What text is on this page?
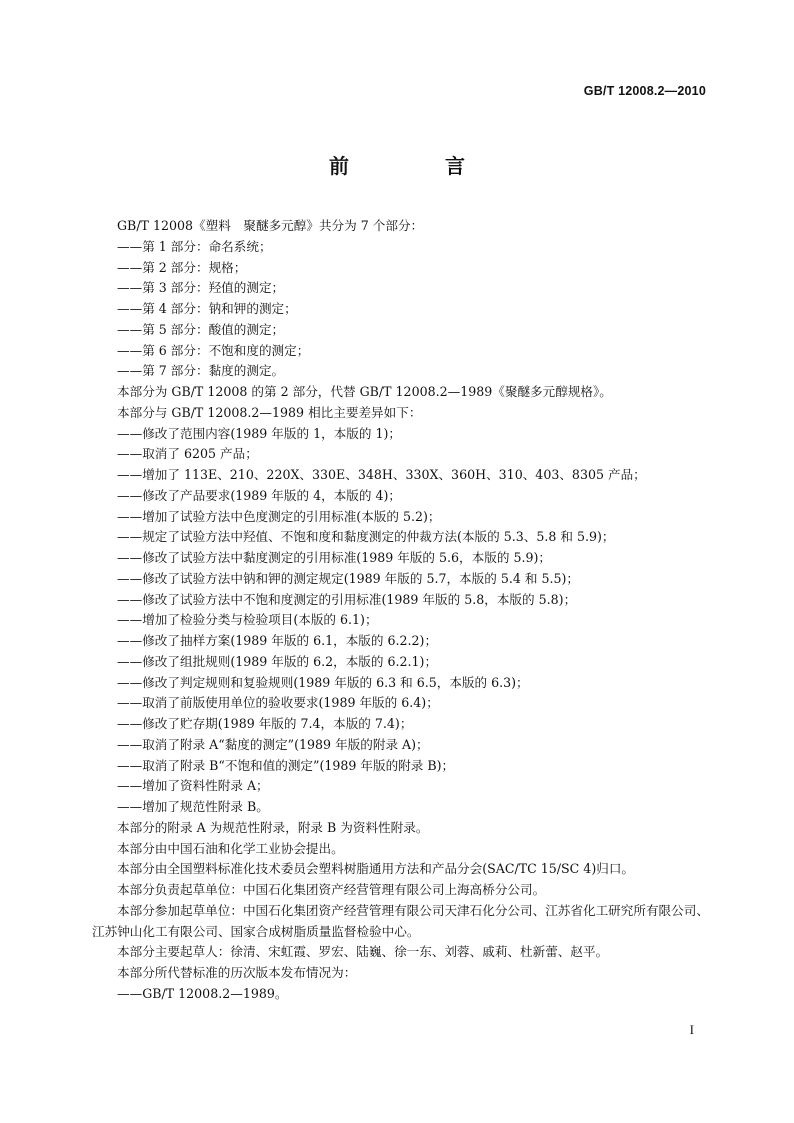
GB/T 12008.2—2010
前　言

GB/T 12008《塑料　聚醚多元醇》共分为 7 个部分：

——第 1 部分：命名系统；

——第 2 部分：规格；

——第 3 部分：羟值的测定；

——第 4 部分：钠和钾的测定；

——第 5 部分：酸值的测定；

——第 6 部分：不饱和度的测定；

——第 7 部分：黏度的测定。

本部分为 GB/T 12008 的第 2 部分，代替 GB/T 12008.2—1989《聚醚多元醇规格》。

本部分与 GB/T 12008.2—1989 相比主要差异如下：

——修改了范围内容(1989 年版的 1，本版的 1)；

——取消了 6205 产品；

——增加了 113E、210、220X、330E、348H、330X、360H、310、403、8305 产品；

——修改了产品要求(1989 年版的 4，本版的 4)；

——增加了试验方法中色度测定的引用标准(本版的 5.2)；

——规定了试验方法中羟值、不饱和度和黏度测定的仲裁方法(本版的 5.3、5.8 和 5.9)；

——修改了试验方法中黏度测定的引用标准(1989 年版的 5.6，本版的 5.9)；

——修改了试验方法中钠和钾的测定规定(1989 年版的 5.7，本版的 5.4 和 5.5)；

——修改了试验方法中不饱和度测定的引用标准(1989 年版的 5.8，本版的 5.8)；

——增加了检验分类与检验项目(本版的 6.1)；

——修改了抽样方案(1989 年版的 6.1，本版的 6.2.2)；

——修改了组批规则(1989 年版的 6.2，本版的 6.2.1)；

——修改了判定规则和复验规则(1989 年版的 6.3 和 6.5，本版的 6.3)；

——取消了前版使用单位的验收要求(1989 年版的 6.4)；

——修改了贮存期(1989 年版的 7.4，本版的 7.4)；

——取消了附录 A“黏度的测定”(1989 年版的附录 A)；

——取消了附录 B“不饱和值的测定”(1989 年版的附录 B)；

——增加了资料性附录 A；

——增加了规范性附录 B。

本部分的附录 A 为规范性附录，附录 B 为资料性附录。

本部分由中国石油和化学工业协会提出。

本部分由全国塑料标准化技术委员会塑料树脂通用方法和产品分会(SAC/TC 15/SC 4)归口。

本部分负责起草单位：中国石化集团资产经营管理有限公司上海高桥分公司。

本部分参加起草单位：中国石化集团资产经营管理有限公司天津石化分公司、江苏省化工研究所有限公司、江苏钟山化工有限公司、国家合成树脂质量监督检验中心。

本部分主要起草人：徐清、宋虹霞、罗宏、陆巍、徐一东、刘蓉、戚莉、杜新蕾、赵平。

本部分所代替标准的历次版本发布情况为：

——GB/T 12008.2—1989。

I
